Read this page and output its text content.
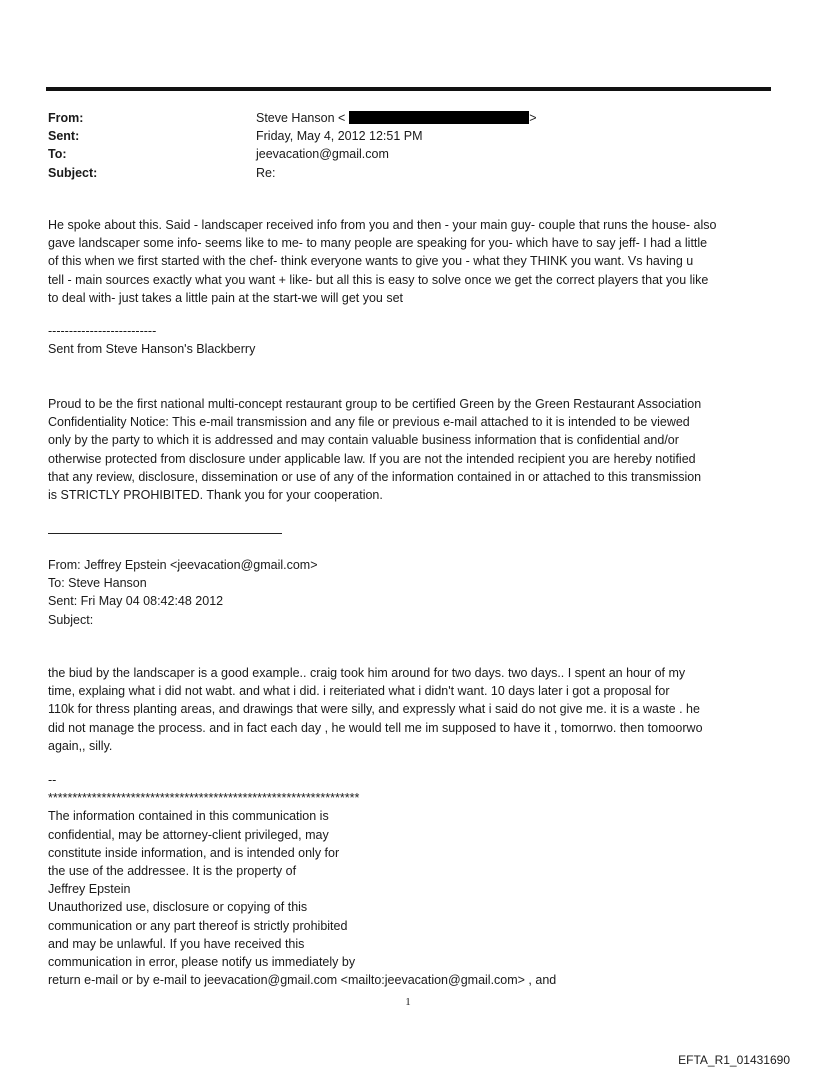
From:	Steve Hanson <	>
Sent:	Friday, May 4, 2012 12:51 PM
To:	jeevacation@gmail.com
Subject:	Re:

He spoke about this. Said - landscaper received info from you and then - your main guy- couple that runs the house- also

gave landscaper some info- seems like to me- to many people are speaking for you- which have to say jeff- I had a little

of this when we first started with the chef- think everyone wants to give you - what they THINK you want. Vs having u

tell - main sources exactly what you want + like- but all this is easy to solve once we get the correct players that you like

to deal with- just takes a little pain at the start-we will get you set

--------------------------

Sent from Steve Hanson's Blackberry

Proud to be the first national multi-concept restaurant group to be certified Green by the Green Restaurant Association

Confidentiality Notice: This e-mail transmission and any file or previous e-mail attached to it is intended to be viewed

only by the party to which it is addressed and may contain valuable business information that is confidential and/or

otherwise protected from disclosure under applicable law. If you are not the intended recipient you are hereby notified

that any review, disclosure, dissemination or use of any of the information contained in or attached to this transmission

is STRICTLY PROHIBITED. Thank you for your cooperation.

From: Jeffrey Epstein <jeevacation@gmail.com>

To: Steve Hanson

Sent: Fri May 04 08:42:48 2012

Subject:

the biud by the landscaper is a good example.. craig took him around for two days. two days.. I spent an hour of my

time, explaing what i did not wabt. and what i did. i reiteriated what i didn't want. 10 days later i got a proposal for

110k for thress planting areas, and drawings that were silly, and expressly what i said do not give me. it is a waste . he

did not manage the process. and in fact each day , he would tell me im supposed to have it , tomorrwo. then tomoorwo

again,, silly.

--

****************************************************************

The information contained in this communication is

confidential, may be attorney-client privileged, may

constitute inside information, and is intended only for

the use of the addressee. It is the property of

Jeffrey Epstein

Unauthorized use, disclosure or copying of this

communication or any part thereof is strictly prohibited

and may be unlawful. If you have received this

communication in error, please notify us immediately by

return e-mail or by e-mail to jeevacation@gmail.com <mailto:jeevacation@gmail.com> , and

1
EFTA_R1_01431690
